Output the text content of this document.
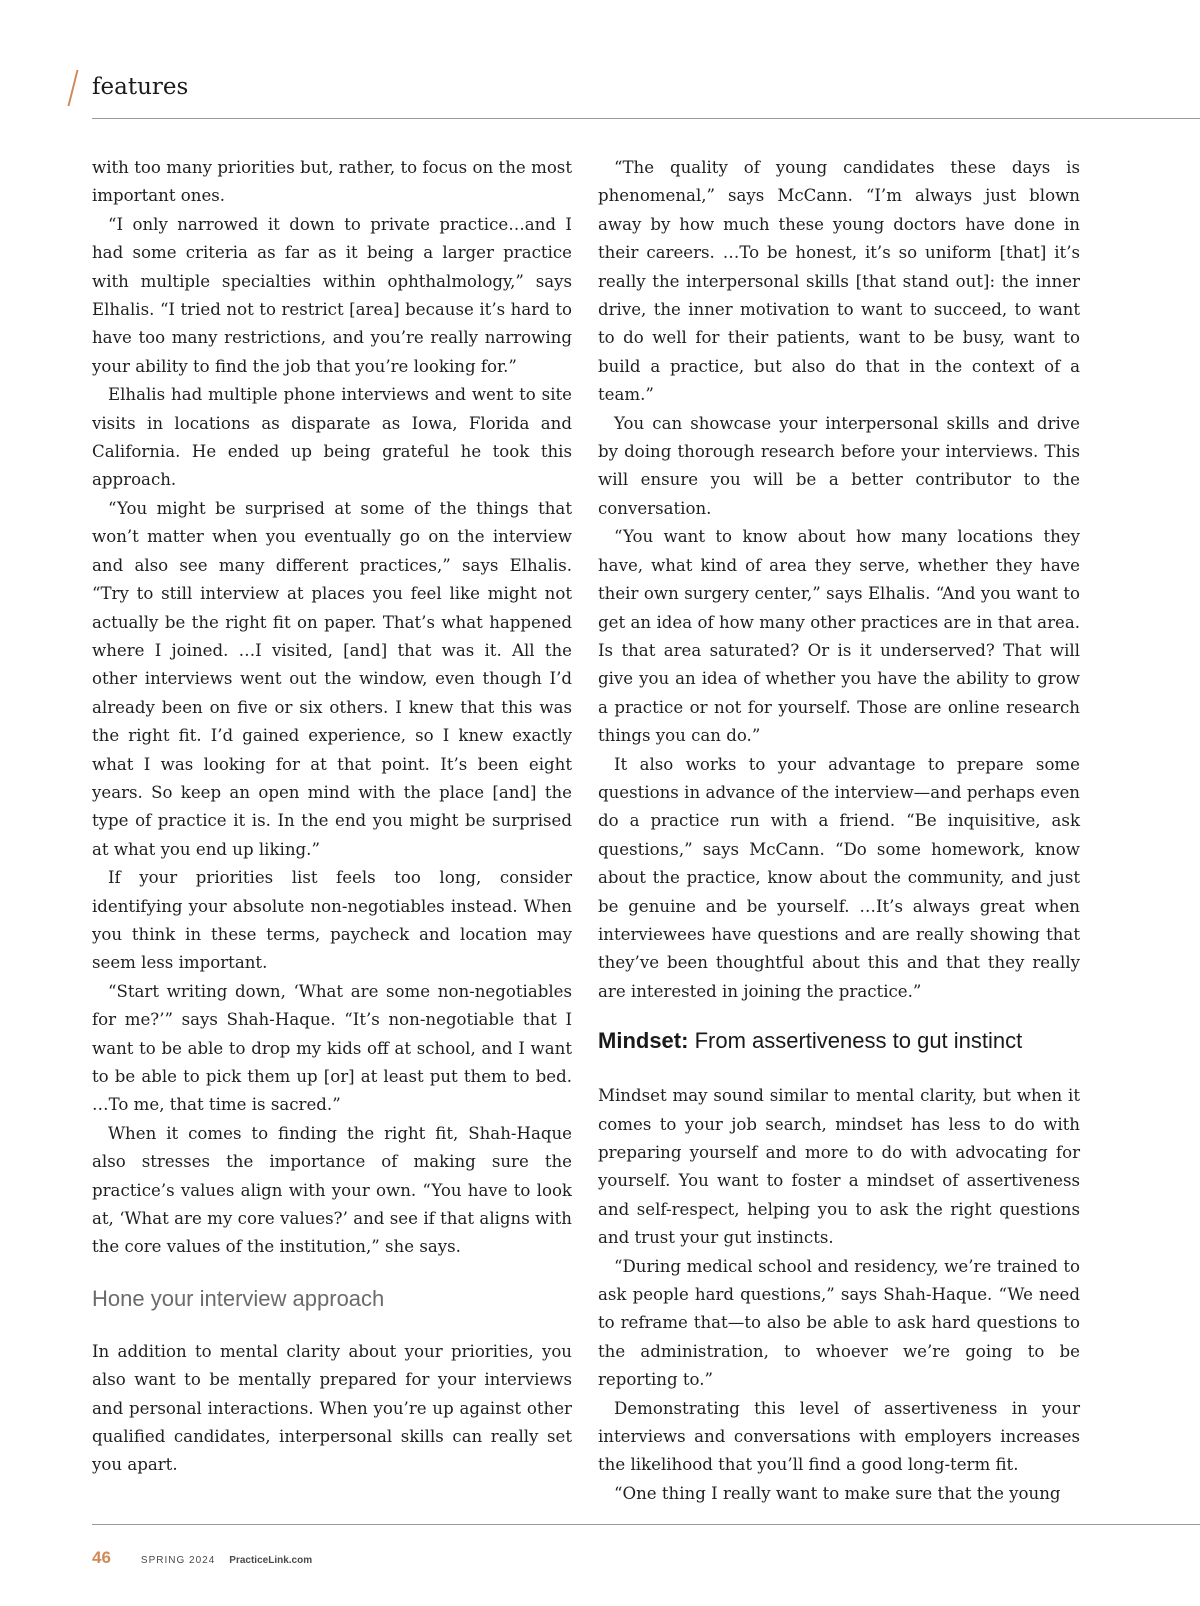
features

with too many priorities but, rather, to focus on the most important ones.

“I only narrowed it down to private practice…and I had some criteria as far as it being a larger practice with multiple specialties within ophthalmology,” says Elhalis. “I tried not to restrict [area] because it’s hard to have too many restrictions, and you’re really narrowing your ability to find the job that you’re looking for.”

Elhalis had multiple phone interviews and went to site visits in locations as disparate as Iowa, Florida and California. He ended up being grateful he took this approach.

“You might be surprised at some of the things that won’t matter when you eventually go on the interview and also see many different practices,” says Elhalis. “Try to still interview at places you feel like might not actually be the right fit on paper. That’s what happened where I joined. …I visited, [and] that was it. All the other interviews went out the window, even though I’d already been on five or six others. I knew that this was the right fit. I’d gained experience, so I knew exactly what I was looking for at that point. It’s been eight years. So keep an open mind with the place [and] the type of practice it is. In the end you might be surprised at what you end up liking.”

If your priorities list feels too long, consider identifying your absolute non-negotiables instead. When you think in these terms, paycheck and location may seem less important.

“Start writing down, ‘What are some non-negotiables for me?’” says Shah-Haque. “It’s non-negotiable that I want to be able to drop my kids off at school, and I want to be able to pick them up [or] at least put them to bed. …To me, that time is sacred.”

When it comes to finding the right fit, Shah-Haque also stresses the importance of making sure the practice’s values align with your own. “You have to look at, ‘What are my core values?’ and see if that aligns with the core values of the institution,” she says.

Hone your interview approach

In addition to mental clarity about your priorities, you also want to be mentally prepared for your interviews and personal interactions. When you’re up against other qualified candidates, interpersonal skills can really set you apart.

“The quality of young candidates these days is phenomenal,” says McCann. “I’m always just blown away by how much these young doctors have done in their careers. …To be honest, it’s so uniform [that] it’s really the interpersonal skills [that stand out]: the inner drive, the inner motivation to want to succeed, to want to do well for their patients, want to be busy, want to build a practice, but also do that in the context of a team.”

You can showcase your interpersonal skills and drive by doing thorough research before your interviews. This will ensure you will be a better contributor to the conversation.

“You want to know about how many locations they have, what kind of area they serve, whether they have their own surgery center,” says Elhalis. “And you want to get an idea of how many other practices are in that area. Is that area saturated? Or is it underserved? That will give you an idea of whether you have the ability to grow a practice or not for yourself. Those are online research things you can do.”

It also works to your advantage to prepare some questions in advance of the interview—and perhaps even do a practice run with a friend. “Be inquisitive, ask questions,” says McCann. “Do some homework, know about the practice, know about the community, and just be genuine and be yourself. …It’s always great when interviewees have questions and are really showing that they’ve been thoughtful about this and that they really are interested in joining the practice.”

Mindset: From assertiveness to gut instinct

Mindset may sound similar to mental clarity, but when it comes to your job search, mindset has less to do with preparing yourself and more to do with advocating for yourself. You want to foster a mindset of assertiveness and self-respect, helping you to ask the right questions and trust your gut instincts.

“During medical school and residency, we’re trained to ask people hard questions,” says Shah-Haque. “We need to reframe that—to also be able to ask hard questions to the administration, to whoever we’re going to be reporting to.”

Demonstrating this level of assertiveness in your interviews and conversations with employers increases the likelihood that you’ll find a good long-term fit.

“One thing I really want to make sure that the young

46	SPRING 2024 PracticeLink.com
